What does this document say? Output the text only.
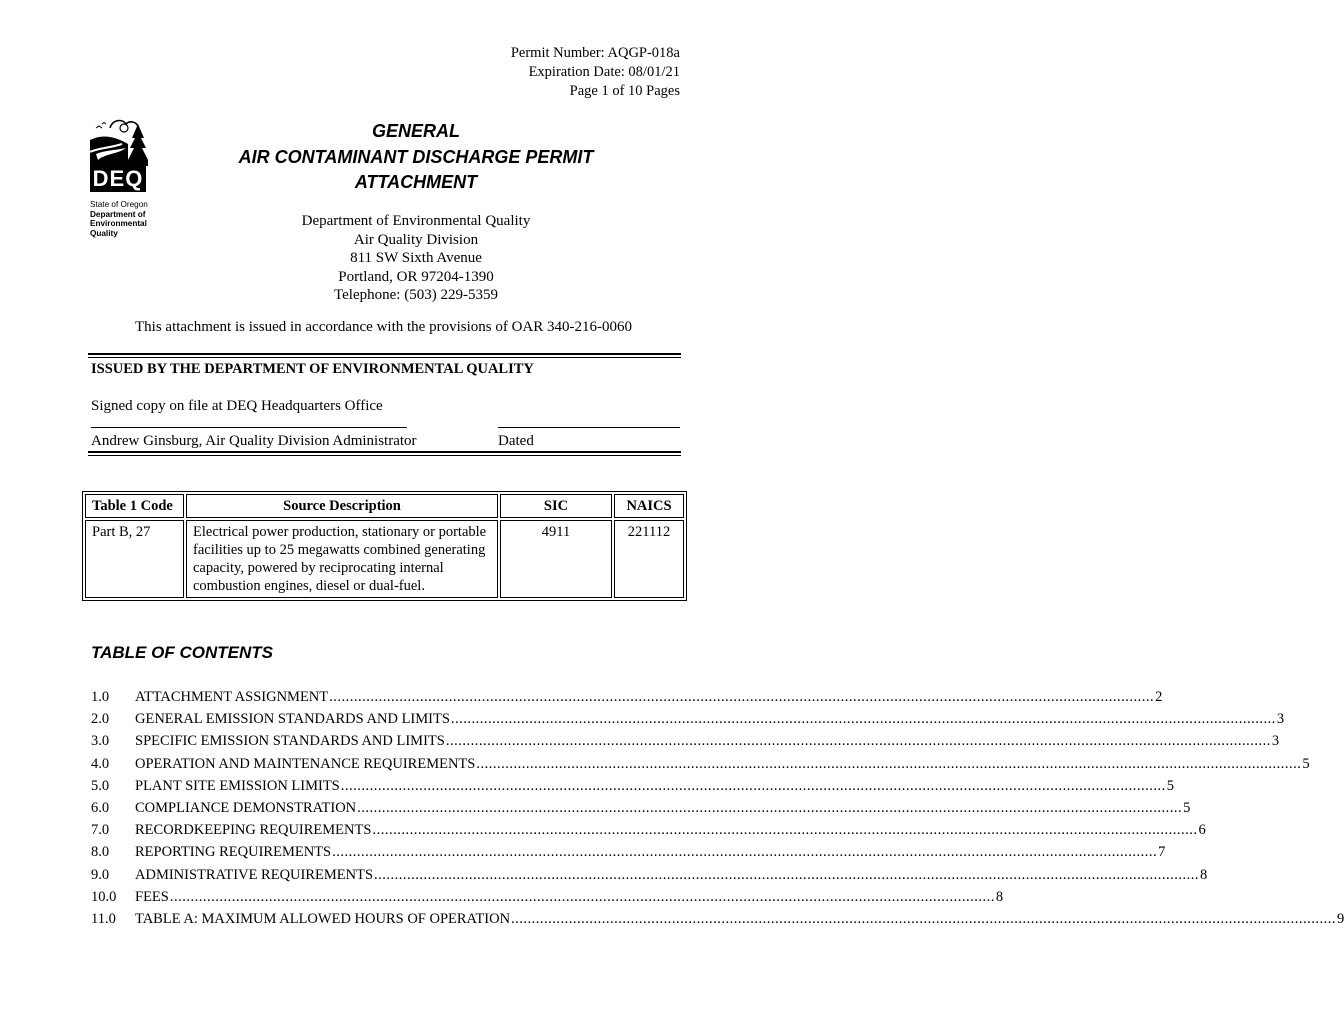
Permit Number: AQGP-018a
Expiration Date: 08/01/21
Page 1 of 10 Pages
DEQ
State of Oregon
Department of
Environmental
Quality
GENERAL
AIR CONTAMINANT DISCHARGE PERMIT
ATTACHMENT
Department of Environmental Quality
Air Quality Division
811 SW Sixth Avenue
Portland, OR 97204-1390
Telephone: (503) 229-5359
This attachment is issued in accordance with the provisions of OAR 340-216-0060
ISSUED BY THE DEPARTMENT OF ENVIRONMENTAL QUALITY
Signed copy on file at DEQ Headquarters Office
Andrew Ginsburg, Air Quality Division Administrator	Dated
Table 1 Code	Source Description	SIC	NAICS
Part B, 27	Electrical power production, stationary or portable facilities up to 25 megawatts combined generating capacity, powered by reciprocating internal combustion engines, diesel or dual-fuel.	4911	221112
TABLE OF CONTENTS
1.0	ATTACHMENT ASSIGNMENT ........................................................................................................................................................................................................ 2
2.0	GENERAL EMISSION STANDARDS AND LIMITS ........................................................................................................................................................................................................ 3
3.0	SPECIFIC EMISSION STANDARDS AND LIMITS ........................................................................................................................................................................................................ 3
4.0	OPERATION AND MAINTENANCE REQUIREMENTS ........................................................................................................................................................................................................ 5
5.0	PLANT SITE EMISSION LIMITS ........................................................................................................................................................................................................ 5
6.0	COMPLIANCE DEMONSTRATION ........................................................................................................................................................................................................ 5
7.0	RECORDKEEPING REQUIREMENTS ........................................................................................................................................................................................................ 6
8.0	REPORTING REQUIREMENTS ........................................................................................................................................................................................................ 7
9.0	ADMINISTRATIVE REQUIREMENTS ........................................................................................................................................................................................................ 8
10.0	FEES ........................................................................................................................................................................................................ 8
11.0	TABLE A: MAXIMUM ALLOWED HOURS OF OPERATION ........................................................................................................................................................................................................ 9
